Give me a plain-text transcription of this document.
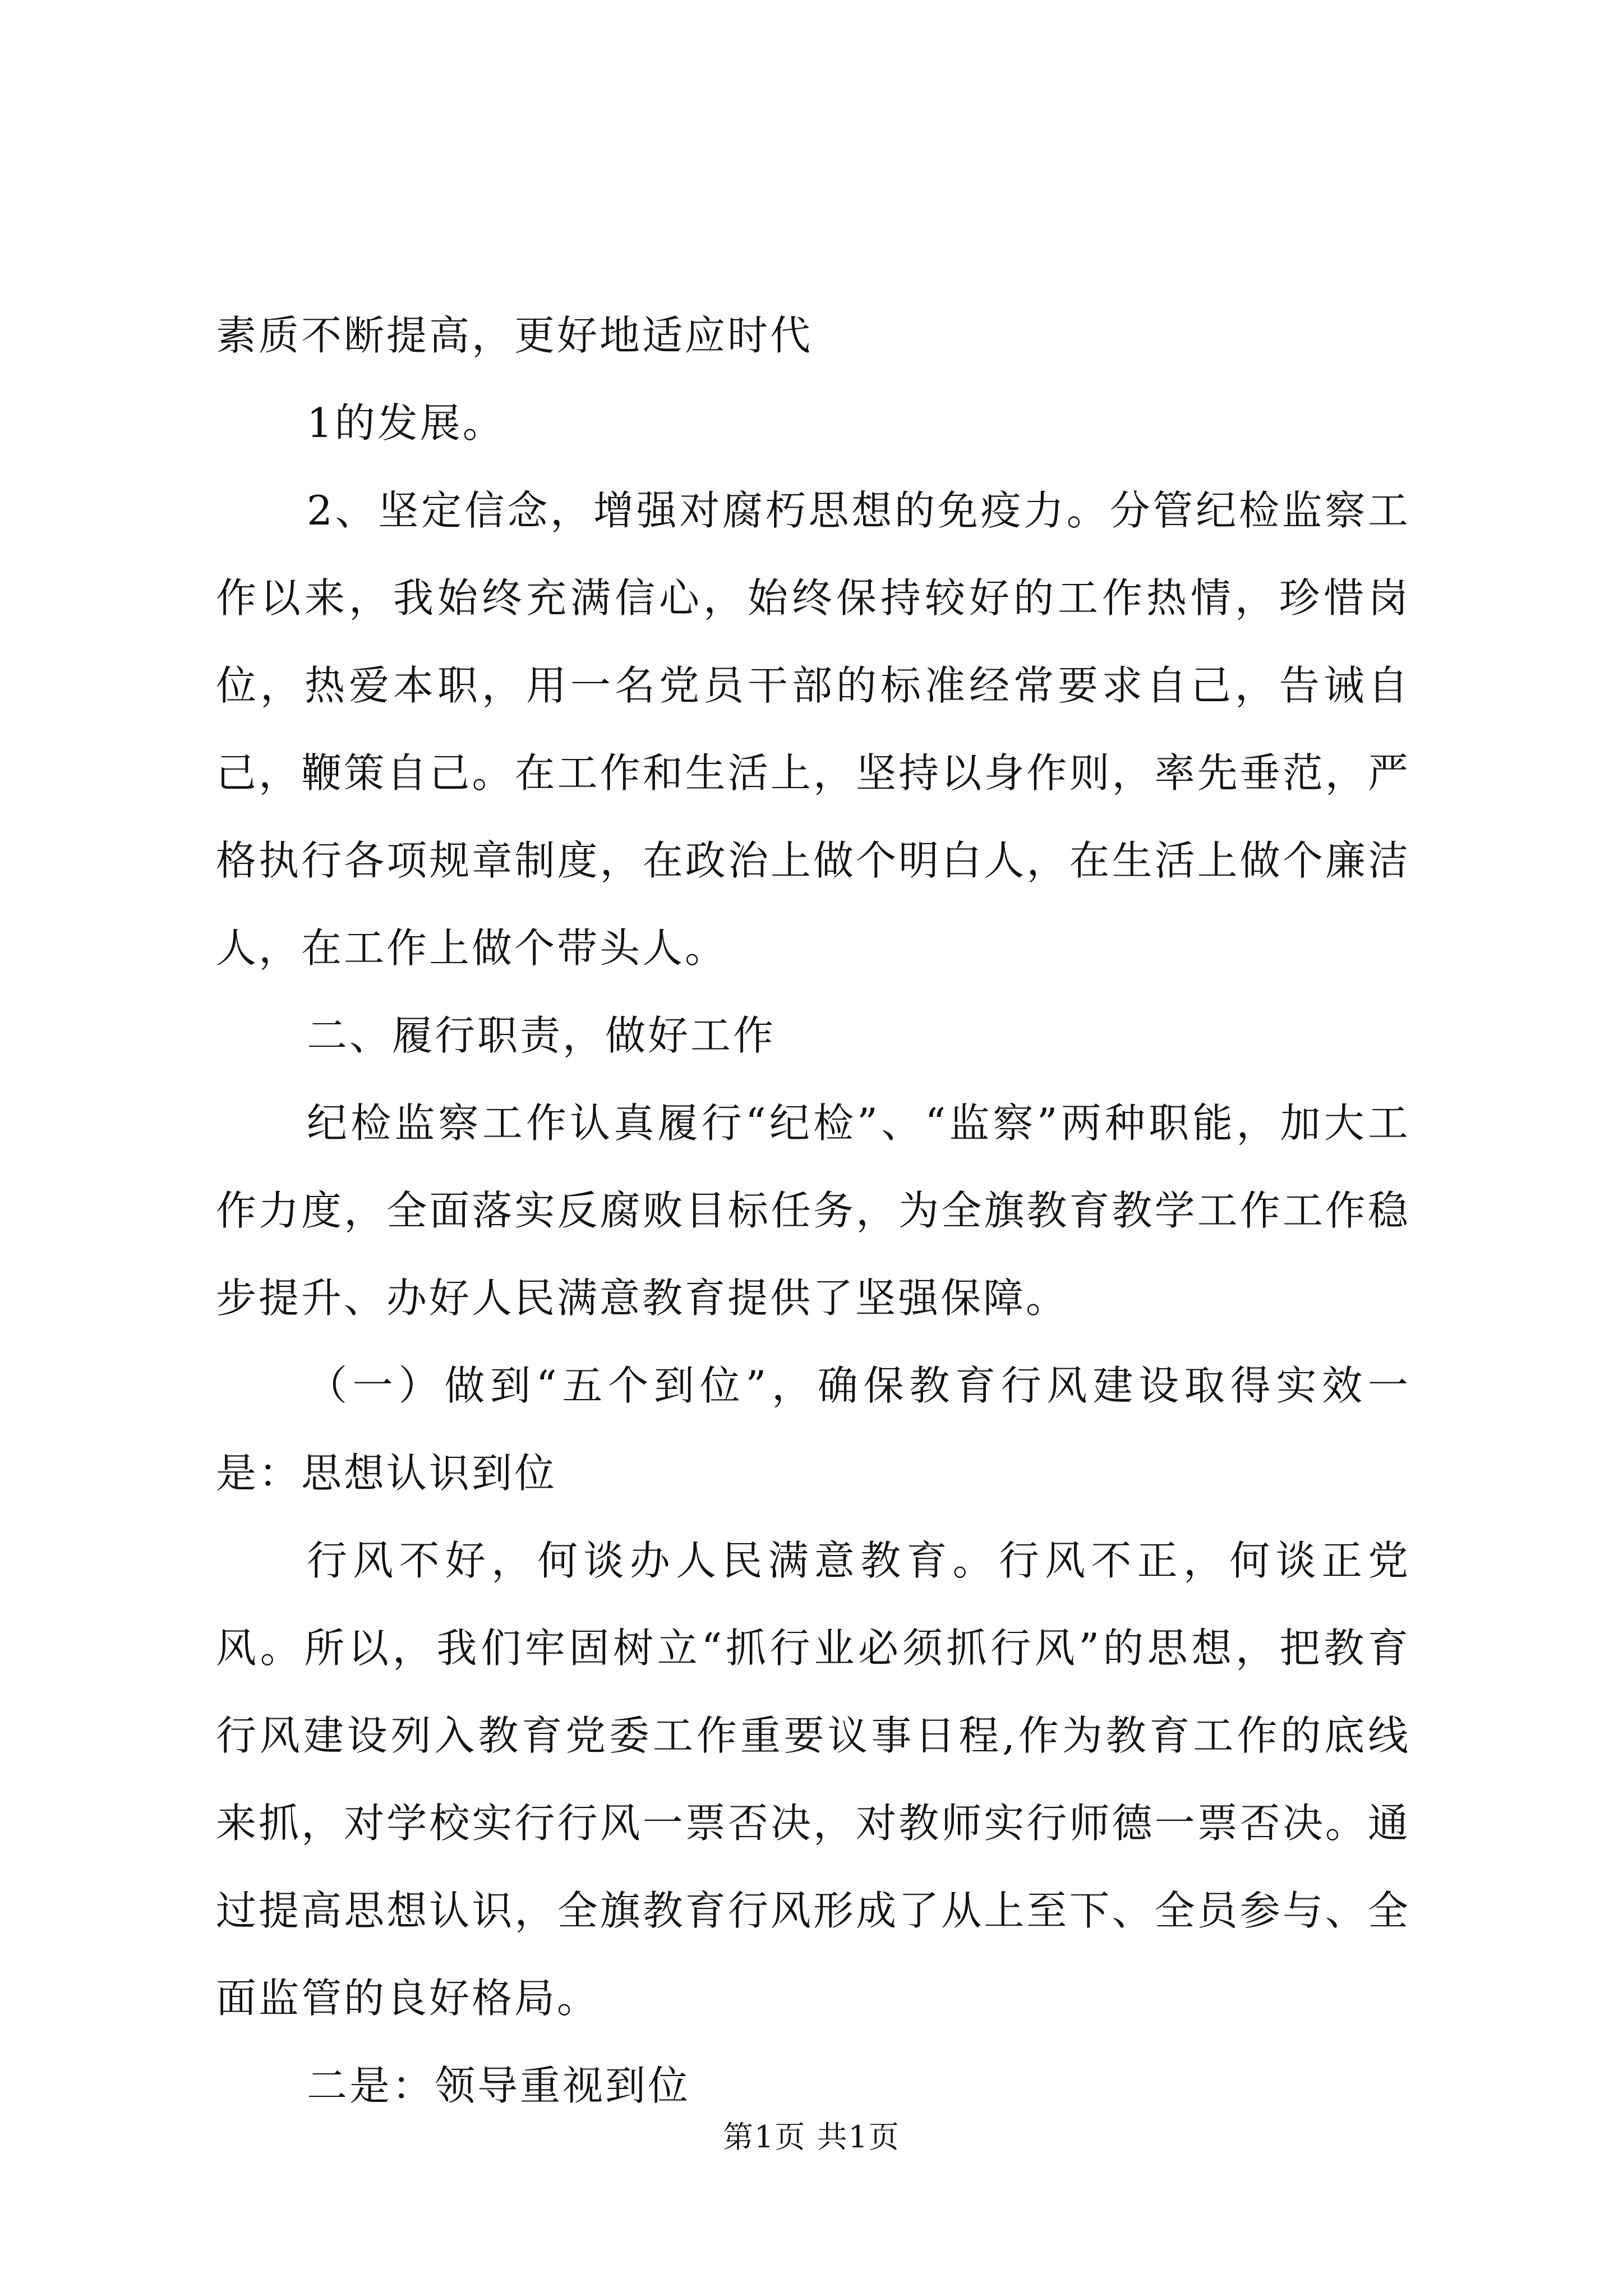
素质不断提高，更好地适应时代

1的发展。

2、坚定信念，增强对腐朽思想的免疫力。分管纪检监察工作以来，我始终充满信心，始终保持较好的工作热情，珍惜岗位，热爱本职，用一名党员干部的标准经常要求自己，告诫自己，鞭策自己。在工作和生活上，坚持以身作则，率先垂范，严格执行各项规章制度，在政治上做个明白人，在生活上做个廉洁人，在工作上做个带头人。

二、履行职责，做好工作

纪检监察工作认真履行“纪检”、“监察”两种职能，加大工作力度，全面落实反腐败目标任务，为全旗教育教学工作工作稳步提升、办好人民满意教育提供了坚强保障。

（一）做到“五个到位”，确保教育行风建设取得实效一是：思想认识到位

行风不好，何谈办人民满意教育。行风不正，何谈正党风。所以，我们牢固树立“抓行业必须抓行风”的思想，把教育行风建设列入教育党委工作重要议事日程,作为教育工作的底线来抓，对学校实行行风一票否决，对教师实行师德一票否决。通过提高思想认识，全旗教育行风形成了从上至下、全员参与、全面监管的良好格局。

二是：领导重视到位

第1页 共1页
